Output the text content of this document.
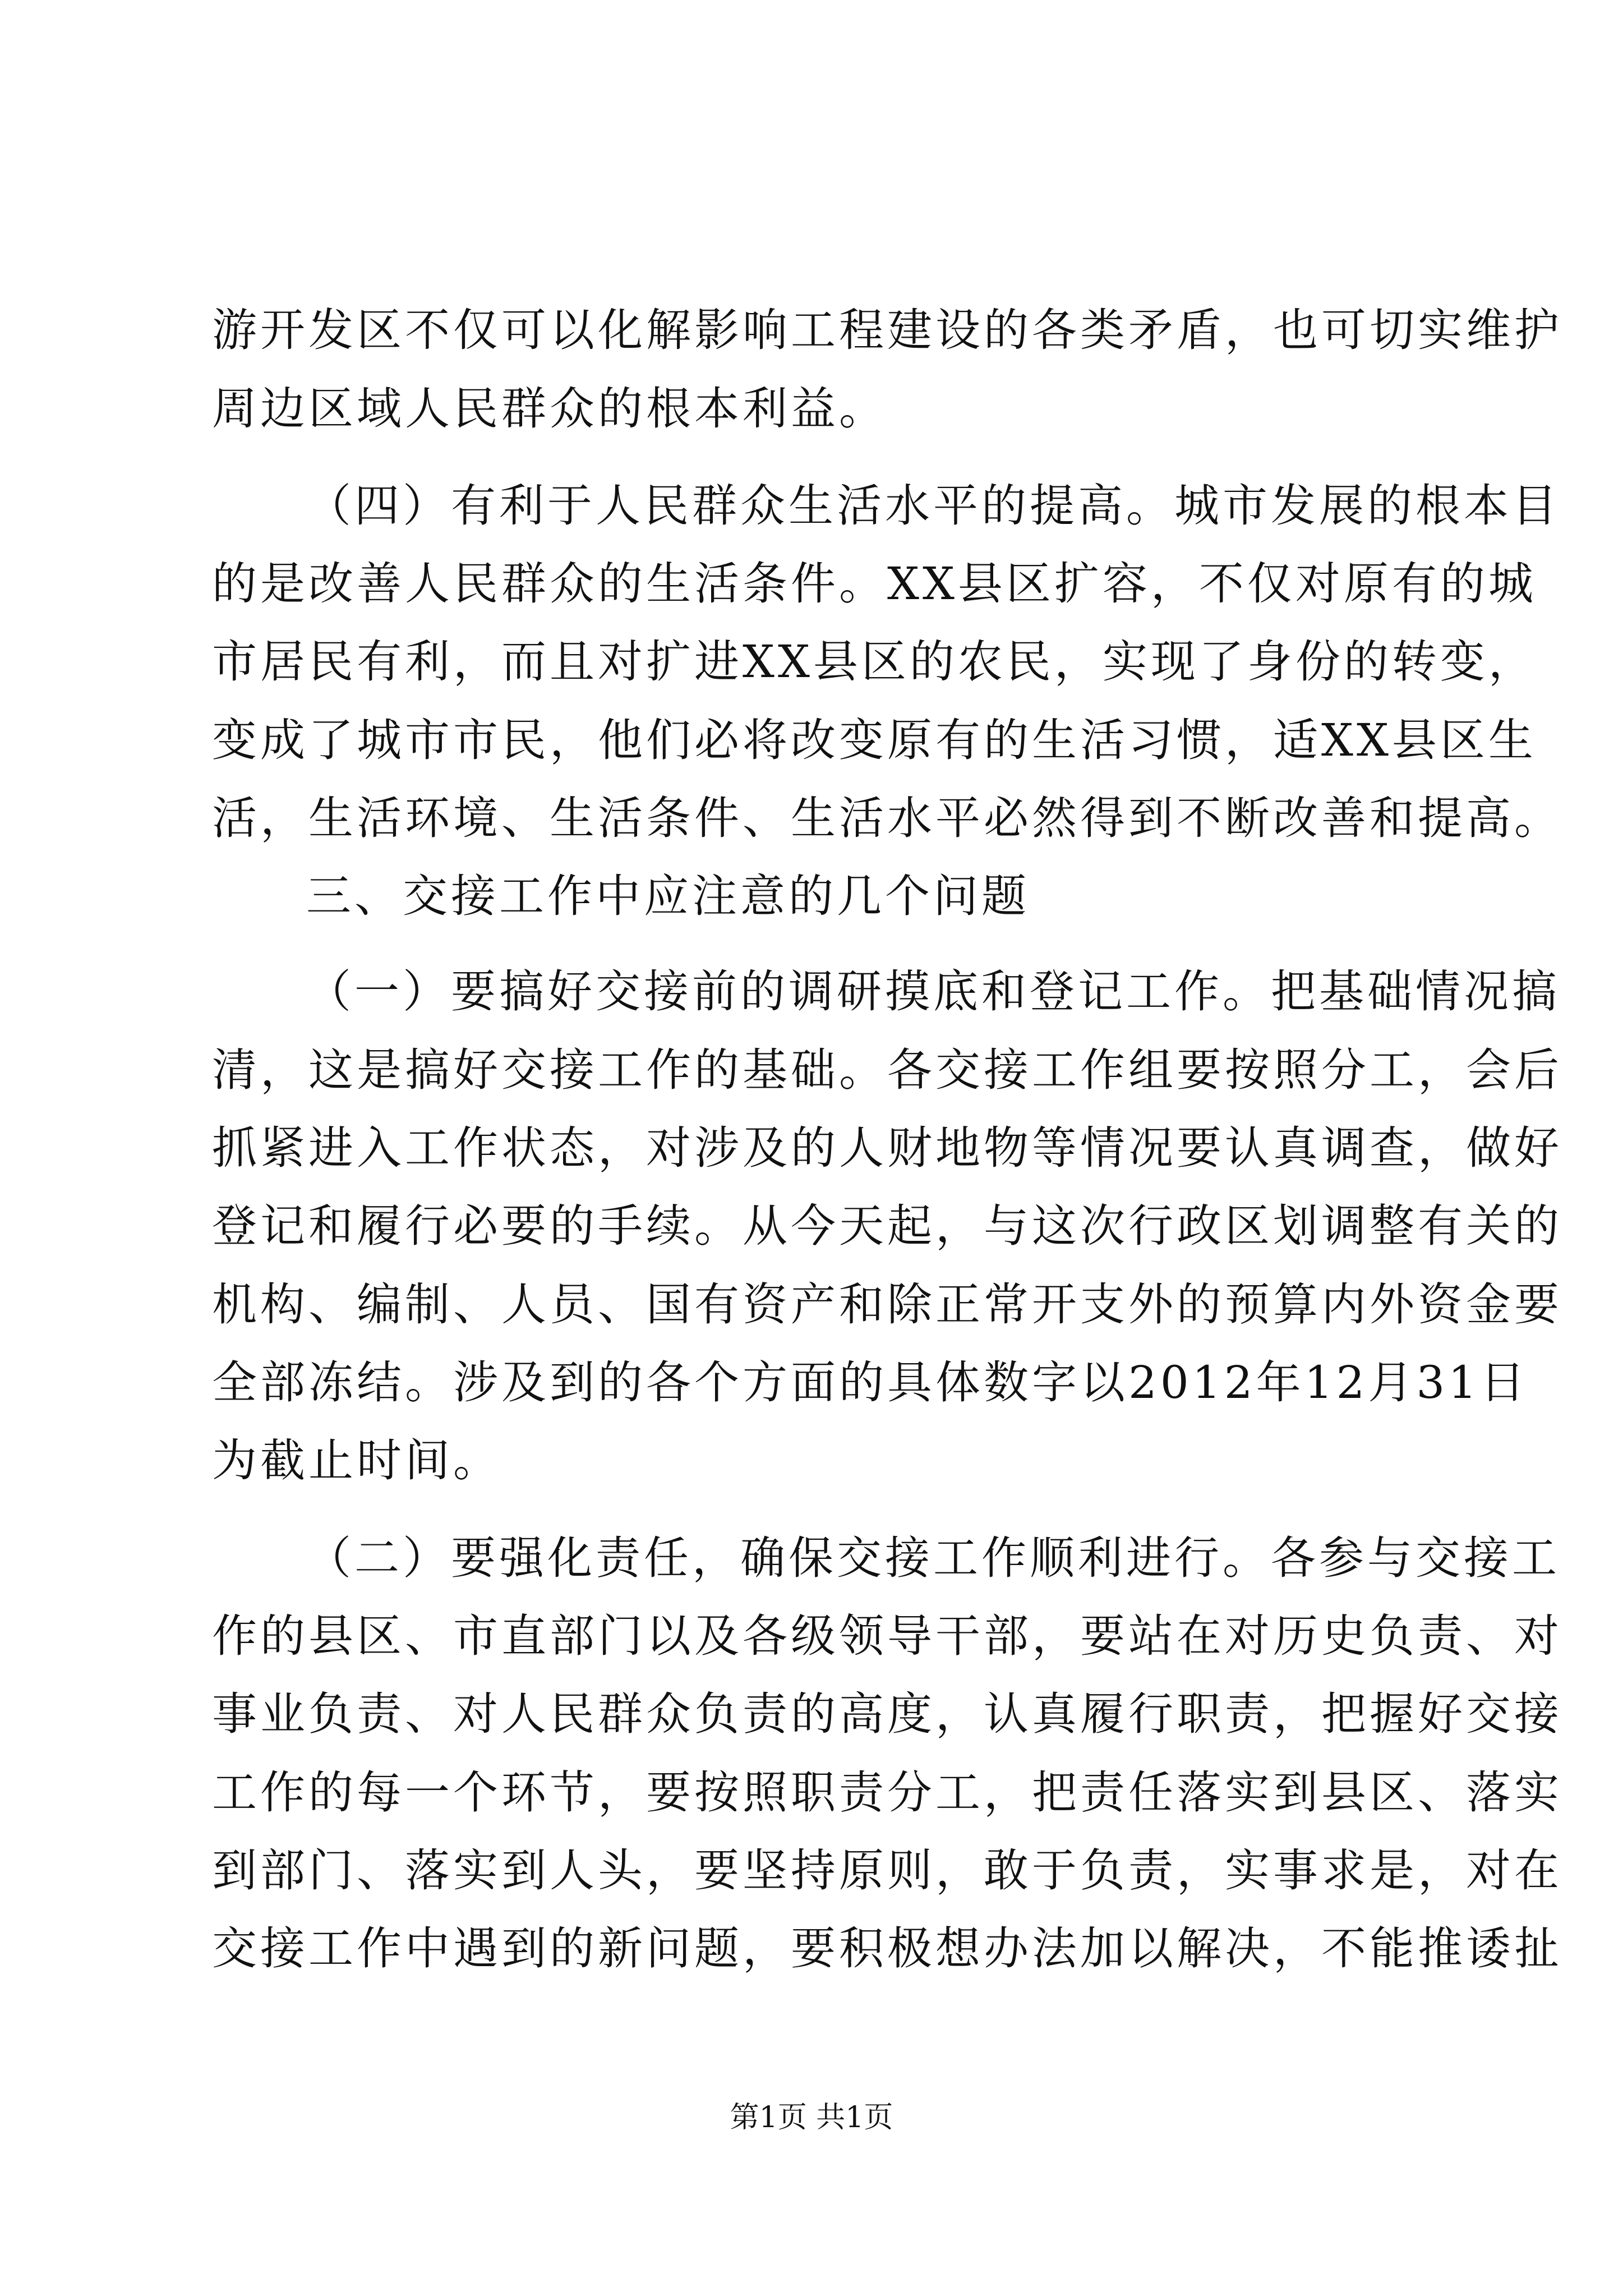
游开发区不仅可以化解影响工程建设的各类矛盾，也可切实维护
周边区域人民群众的根本利益。
（四）有利于人民群众生活水平的提高。城市发展的根本目
的是改善人民群众的生活条件。XX县区扩容，不仅对原有的城
市居民有利，而且对扩进XX县区的农民，实现了身份的转变，
变成了城市市民，他们必将改变原有的生活习惯，适XX县区生
活，生活环境、生活条件、生活水平必然得到不断改善和提高。
三、交接工作中应注意的几个问题
（一）要搞好交接前的调研摸底和登记工作。把基础情况搞
清，这是搞好交接工作的基础。各交接工作组要按照分工，会后
抓紧进入工作状态，对涉及的人财地物等情况要认真调查，做好
登记和履行必要的手续。从今天起，与这次行政区划调整有关的
机构、编制、人员、国有资产和除正常开支外的预算内外资金要
全部冻结。涉及到的各个方面的具体数字以2012年12月31日
为截止时间。
（二）要强化责任，确保交接工作顺利进行。各参与交接工
作的县区、市直部门以及各级领导干部，要站在对历史负责、对
事业负责、对人民群众负责的高度，认真履行职责，把握好交接
工作的每一个环节，要按照职责分工，把责任落实到县区、落实
到部门、落实到人头，要坚持原则，敢于负责，实事求是，对在
交接工作中遇到的新问题，要积极想办法加以解决，不能推诿扯
第1页 共1页
